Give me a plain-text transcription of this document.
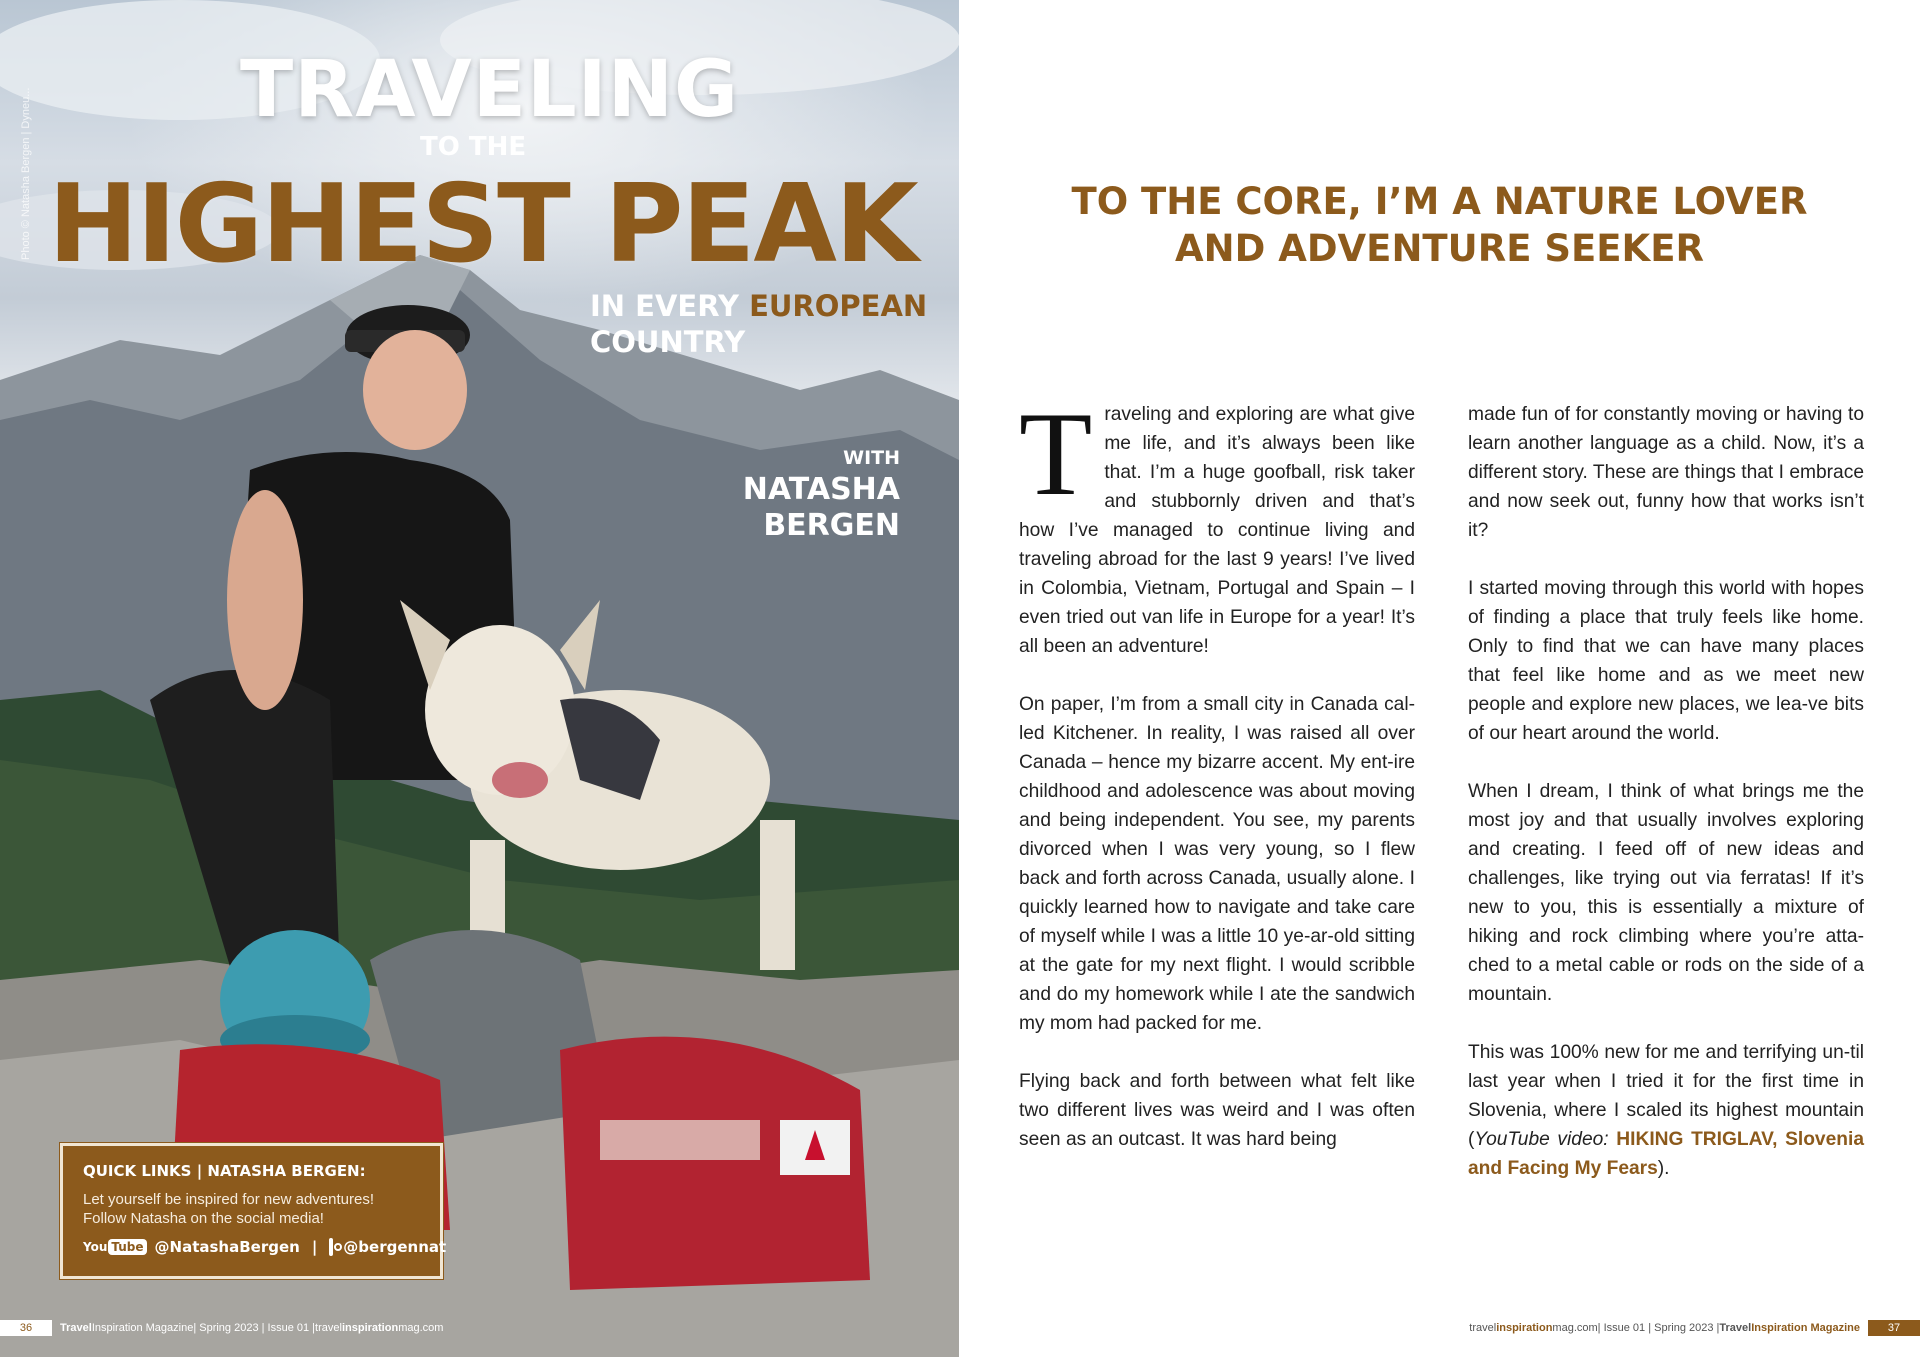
Photo © Natasha Bergen | Dyneu...	TRAVELING
TO THE
HIGHEST PEAK
IN EVERY EUROPEAN
COUNTRY
WITH
NATASHA
BERGEN
QUICK LINKS | NATASHA BERGEN:
Let yourself be inspired for new adventures!
Follow Natasha on the social media!
You Tube @NatashaBergen | @bergennat
36	Travel Inspiration Magazine | Spring 2023 | Issue 01 | travelinspirationmag.com
TO THE CORE, I’M A NATURE LOVER
AND ADVENTURE SEEKER

Traveling and exploring are what give me life, and it’s always been like that. I’m a huge goofball, risk taker and stubbornly driven and that’s how I’ve managed to continue living and traveling abroad for the last 9 years! I’ve lived in Colombia, Vietnam, Portugal and Spain – I even tried out van life in Europe for a year! It’s all been an adventure!

On paper, I’m from a small city in Canada cal-led Kitchener. In reality, I was raised all over Canada – hence my bizarre accent. My ent-ire childhood and adolescence was about moving and being independent. You see, my parents divorced when I was very young, so I flew back and forth across Canada, usually alone. I quickly learned how to navigate and take care of myself while I was a little 10 ye-ar-old sitting at the gate for my next flight. I would scribble and do my homework while I ate the sandwich my mom had packed for me.

Flying back and forth between what felt like two different lives was weird and I was often seen as an outcast. It was hard being

made fun of for constantly moving or having to learn another language as a child. Now, it’s a different story. These are things that I embrace and now seek out, funny how that works isn’t it?

I started moving through this world with hopes of finding a place that truly feels like home. Only to find that we can have many places that feel like home and as we meet new people and explore new places, we lea-ve bits of our heart around the world.

When I dream, I think of what brings me the most joy and that usually involves exploring and creating. I feed off of new ideas and challenges, like trying out via ferratas! If it’s new to you, this is essentially a mixture of hiking and rock climbing where you’re atta-ched to a metal cable or rods on the side of a mountain.

This was 100% new for me and terrifying un-til last year when I tried it for the first time in Slovenia, where I scaled its highest mountain (YouTube video: HIKING TRIGLAV, Slovenia and Facing My Fears).

travelinspirationmag.com | Issue 01 | Spring 2023 | Travel Inspiration Magazine	37
